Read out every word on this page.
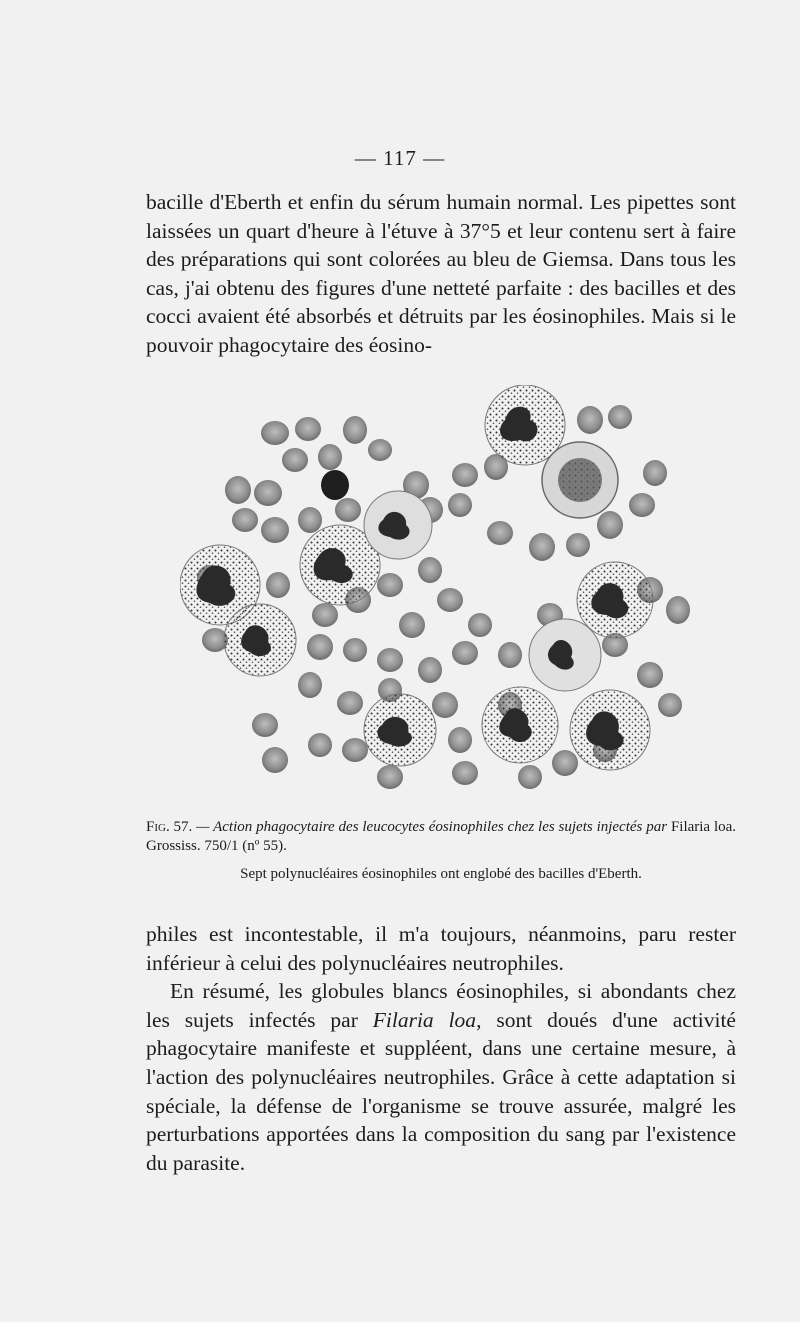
— 117 —

bacille d'Eberth et enfin du sérum humain normal. Les pipettes sont laissées un quart d'heure à l'étuve à 37°5 et leur contenu sert à faire des préparations qui sont colorées au bleu de Giemsa. Dans tous les cas, j'ai obtenu des figures d'une netteté parfaite : des bacilles et des cocci avaient été absorbés et détruits par les éosinophiles. Mais si le pouvoir phagocytaire des éosino-

Fig. 57. — Action phagocytaire des leucocytes éosinophiles chez les sujets injectés par Filaria loa. Grossiss. 750/1 (nº 55).

Sept polynucléaires éosinophiles ont englobé des bacilles d'Eberth.

philes est incontestable, il m'a toujours, néanmoins, paru rester inférieur à celui des polynucléaires neutrophiles.

En résumé, les globules blancs éosinophiles, si abondants chez les sujets infectés par Filaria loa, sont doués d'une activité phagocytaire manifeste et suppléent, dans une certaine mesure, à l'action des polynucléaires neutrophiles. Grâce à cette adaptation si spéciale, la défense de l'organisme se trouve assurée, malgré les perturbations apportées dans la composition du sang par l'existence du parasite.
